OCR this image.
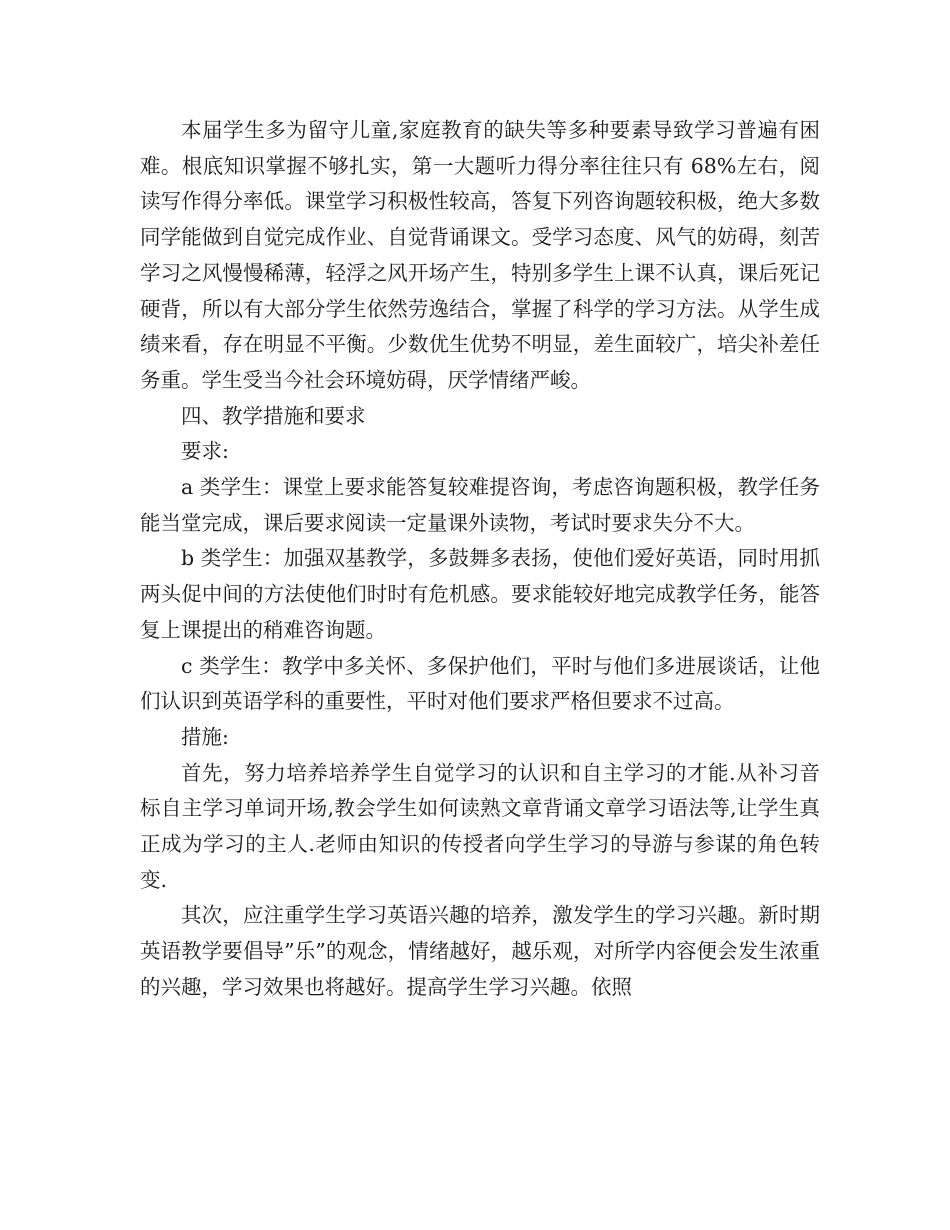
本届学生多为留守儿童,家庭教育的缺失等多种要素导致学习普遍有困难。根底知识掌握不够扎实，第一大题听力得分率往往只有 68%左右，阅读写作得分率低。课堂学习积极性较高，答复下列咨询题较积极，绝大多数同学能做到自觉完成作业、自觉背诵课文。受学习态度、风气的妨碍，刻苦学习之风慢慢稀薄，轻浮之风开场产生，特别多学生上课不认真，课后死记硬背，所以有大部分学生依然劳逸结合，掌握了科学的学习方法。从学生成绩来看，存在明显不平衡。少数优生优势不明显，差生面较广，培尖补差任务重。学生受当今社会环境妨碍，厌学情绪严峻。

四、教学措施和要求

要求:

a 类学生：课堂上要求能答复较难提咨询，考虑咨询题积极，教学任务能当堂完成，课后要求阅读一定量课外读物，考试时要求失分不大。

b 类学生：加强双基教学，多鼓舞多表扬，使他们爱好英语，同时用抓两头促中间的方法使他们时时有危机感。要求能较好地完成教学任务，能答复上课提出的稍难咨询题。

c 类学生：教学中多关怀、多保护他们，平时与他们多进展谈话，让他们认识到英语学科的重要性，平时对他们要求严格但要求不过高。

措施:

首先，努力培养培养学生自觉学习的认识和自主学习的才能.从补习音标自主学习单词开场,教会学生如何读熟文章背诵文章学习语法等,让学生真正成为学习的主人.老师由知识的传授者向学生学习的导游与参谋的角色转变.

其次，应注重学生学习英语兴趣的培养，激发学生的学习兴趣。新时期英语教学要倡导”乐”的观念，情绪越好，越乐观，对所学内容便会发生浓重的兴趣，学习效果也将越好。提高学生学习兴趣。依照
